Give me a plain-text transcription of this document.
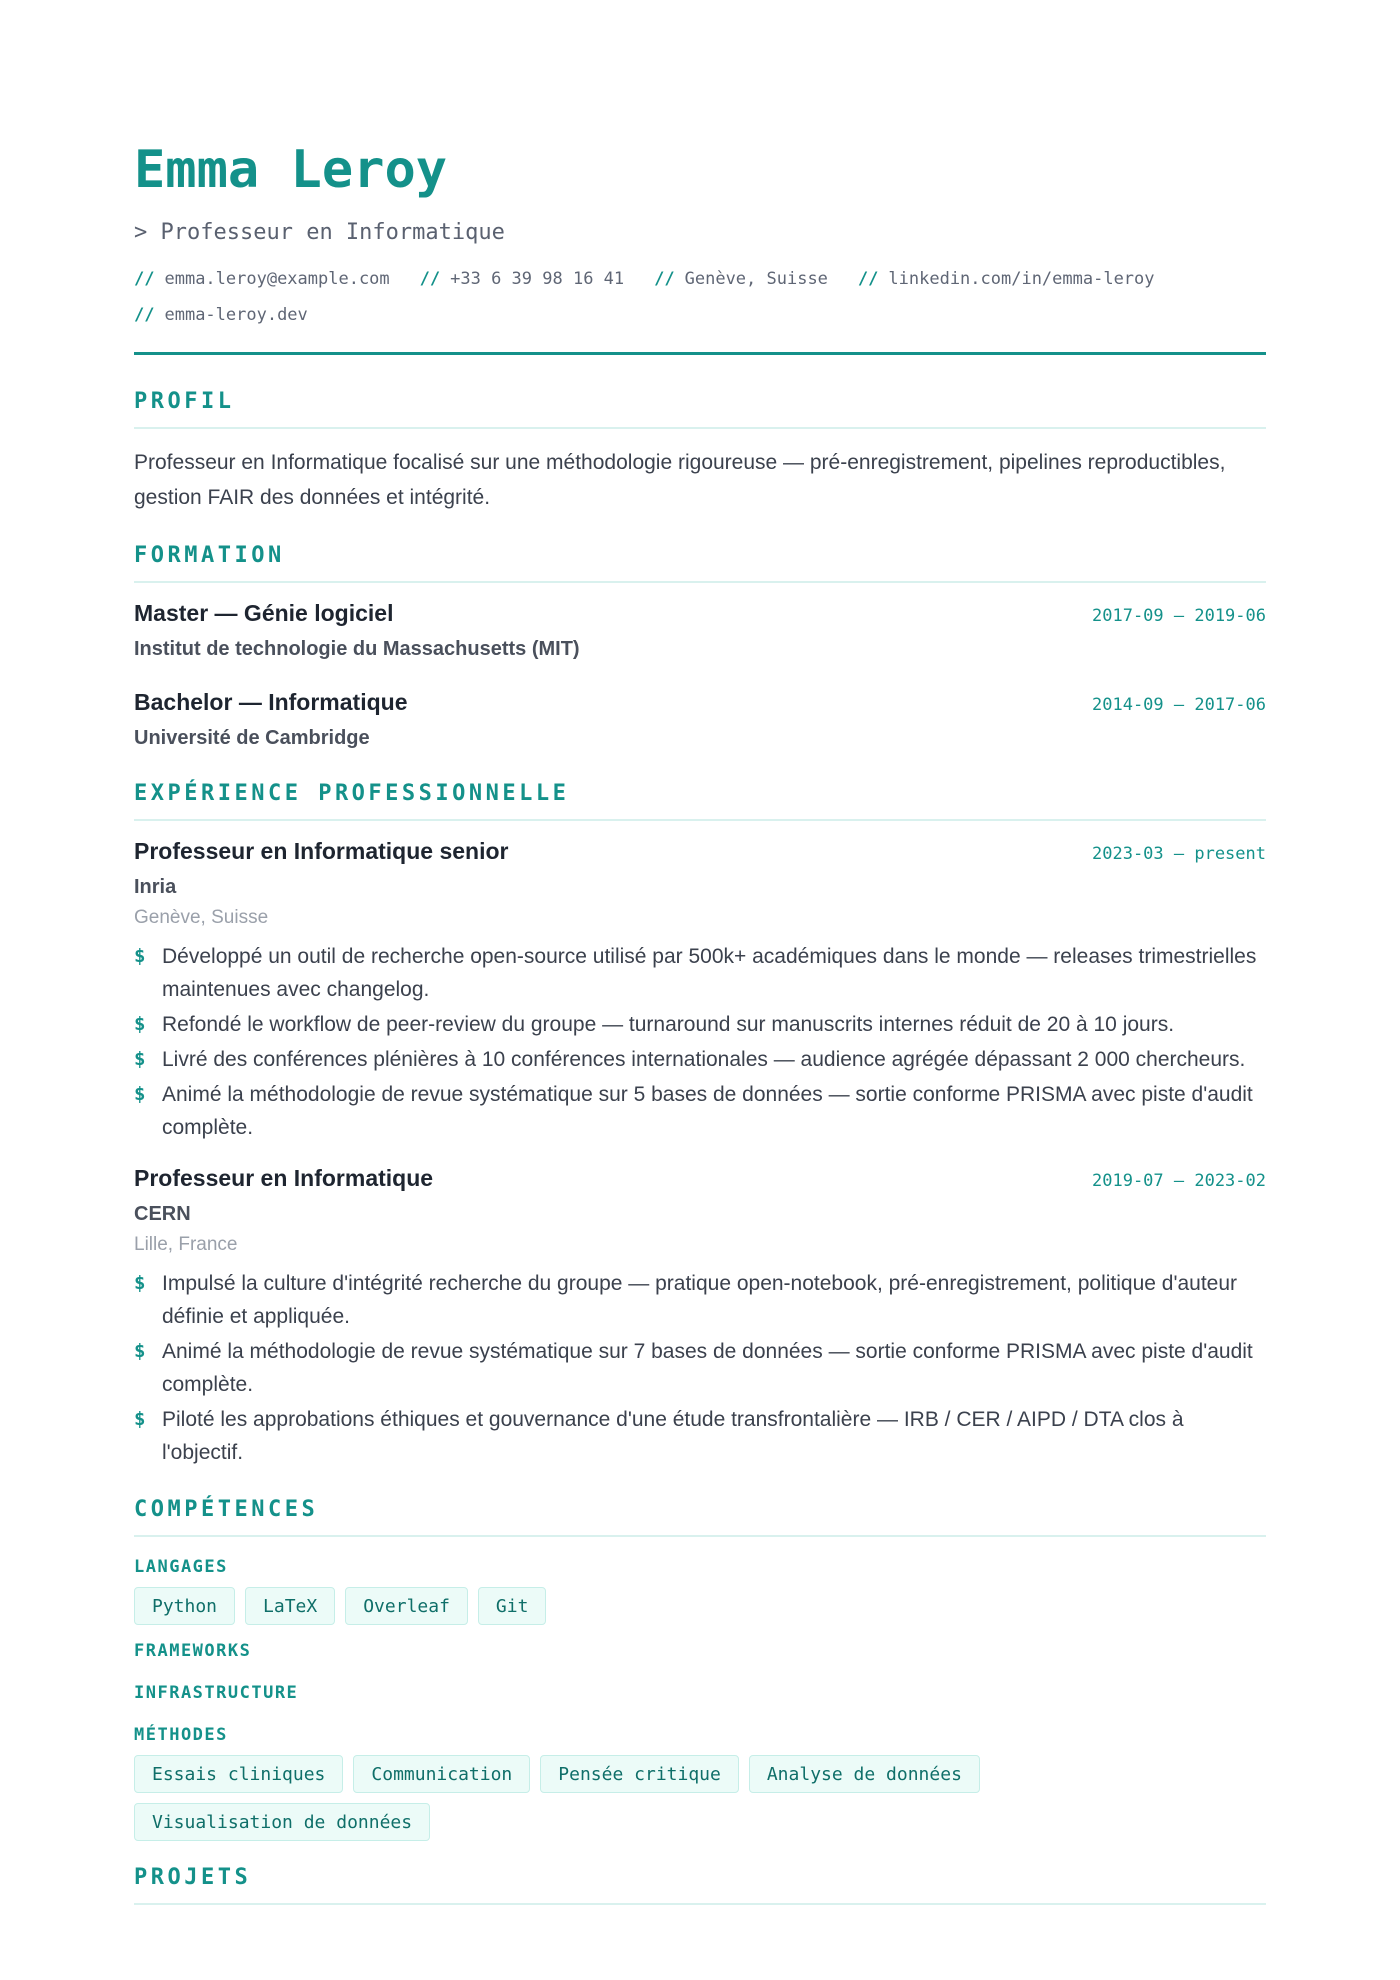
Emma Leroy
> Professeur en Informatique
// emma.leroy@example.com // +33 6 39 98 16 41 // Genève, Suisse // linkedin.com/in/emma-leroy
// emma-leroy.dev
PROFIL
Professeur en Informatique focalisé sur une méthodologie rigoureuse — pré-enregistrement, pipelines reproductibles, gestion FAIR des données et intégrité.
FORMATION
Master — Génie logiciel	2017-09 – 2019-06
Institut de technologie du Massachusetts (MIT)
Bachelor — Informatique	2014-09 – 2017-06
Université de Cambridge
EXPÉRIENCE PROFESSIONNELLE
Professeur en Informatique senior	2023-03 – present
Inria
Genève, Suisse
$ Développé un outil de recherche open-source utilisé par 500k+ académiques dans le monde — releases trimestrielles maintenues avec changelog.
$ Refondé le workflow de peer-review du groupe — turnaround sur manuscrits internes réduit de 20 à 10 jours.
$ Livré des conférences plénières à 10 conférences internationales — audience agrégée dépassant 2 000 chercheurs.
$ Animé la méthodologie de revue systématique sur 5 bases de données — sortie conforme PRISMA avec piste d'audit complète.
Professeur en Informatique	2019-07 – 2023-02
CERN
Lille, France
$ Impulsé la culture d'intégrité recherche du groupe — pratique open-notebook, pré-enregistrement, politique d'auteur définie et appliquée.
$ Animé la méthodologie de revue systématique sur 7 bases de données — sortie conforme PRISMA avec piste d'audit complète.
$ Piloté les approbations éthiques et gouvernance d'une étude transfrontalière — IRB / CER / AIPD / DTA clos à l'objectif.
COMPÉTENCES
LANGAGES
Python	LaTeX	Overleaf	Git
FRAMEWORKS
INFRASTRUCTURE
MÉTHODES
Essais cliniques	Communication	Pensée critique	Analyse de données
Visualisation de données
PROJETS
